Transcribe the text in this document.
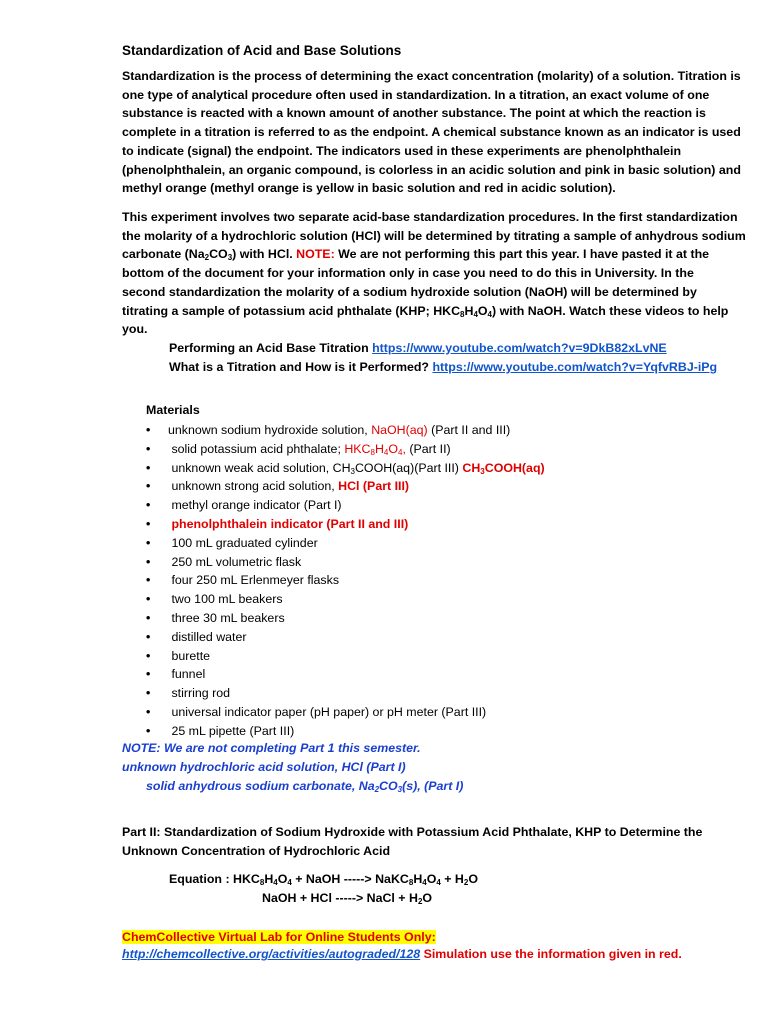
Standardization of Acid and Base Solutions
Standardization is the process of determining the exact concentration (molarity) of a solution. Titration is
one type of analytical procedure often used in standardization. In a titration, an exact volume of one
substance is reacted with a known amount of another substance. The point at which the reaction is
complete in a titration is referred to as the endpoint. A chemical substance known as an indicator is used
to indicate (signal) the endpoint. The indicators used in these experiments are phenolphthalein
(phenolphthalein, an organic compound, is colorless in an acidic solution and pink in basic solution) and
methyl orange (methyl orange is yellow in basic solution and red in acidic solution).
This experiment involves two separate acid-base standardization procedures. In the first standardization
the molarity of a hydrochloric solution (HCl) will be determined by titrating a sample of anhydrous sodium
carbonate $(Na_2CO_3)$ with HCl. NOTE: We are not performing this part this year. I have pasted it at the
bottom of the document for your information only in case you need to do this in University. In the
second standardization the molarity of a sodium hydroxide solution (NaOH) will be determined by
titrating a sample of potassium acid phthalate (KHP; $HKC_8H_4O_4$) with NaOH. Watch these videos to help
you.
Performing an Acid Base Titration https://www.youtube.com/watch?v=9DkB82xLvNE
What is a Titration and How is it Performed? https://www.youtube.com/watch?v=YqfvRBJ-iPg
Materials
• unknown sodium hydroxide solution, NaOH(aq) (Part II and III)
• solid potassium acid phthalate; $HKC_8H_4O_4$, (Part II)
• unknown weak acid solution, $CH_3COOH(aq)(Part$ III) $CH_3COOH(aq)$
• unknown strong acid solution, HCl (Part III)
• methyl orange indicator (Part I)
• phenolphthalein indicator (Part II and III)
• 100 mL graduated cylinder
• 250 mL volumetric flask
• four 250 mL Erlenmeyer flasks
• two 100 mL beakers
• three 30 mL beakers
• distilled water
• burette
• funnel
• stirring rod
• universal indicator paper (pH paper) or pH meter (Part III)
• 25 mL pipette (Part III)
NOTE: We are not completing Part 1 this semester.
unknown hydrochloric acid solution, HCl (Part I)
solid anhydrous sodium carbonate, $Na_2CO_3(s)$, (Part I)
Part II: Standardization of Sodium Hydroxide with Potassium Acid Phthalate, KHP to Determine the
Unknown Concentration of Hydrochloric Acid
Equation : $HKC_8H_4O_4$ + NaOH -----> $NaKC_8H_4O_4 + H_2O$
NaOH + HCl -----> NaCl + $H_2O$
ChemCollective Virtual Lab for Online Students Only:
http://chemcollective.org/activities/autograded/128 Simulation use the information given in red.
